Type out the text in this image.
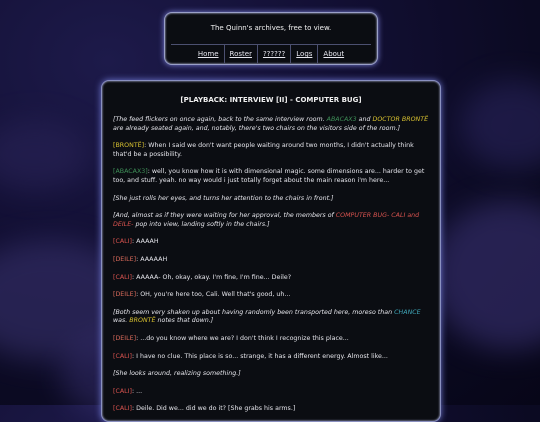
The Quinn's archives, free to view.
Home	Roster	??????	Logs	About
[PLAYBACK: INTERVIEW [II] - COMPUTER BUG]

[The feed flickers on once again, back to the same interview room. ABACAX3 and DOCTOR BRONTË are already seated again, and, notably, there's two chairs on the visitors side of the room.]

[BRONTË]: When I said we don't want people waiting around two months, I didn't actually think that'd be a possibility.

[ABACAX3]: well, you know how it is with dimensional magic. some dimensions are... harder to get too, and stuff. yeah. no way would i just totally forget about the main reason i'm here...

[She just rolls her eyes, and turns her attention to the chairs in front.]

[And, almost as if they were waiting for her approval, the members of COMPUTER BUG- CALI and DEILE- pop into view, landing softly in the chairs.]

[CALI]: AAAAH

[DEILE]: AAAAAH

[CALI]: AAAAA- Oh, okay, okay. I'm fine, I'm fine... Deile?

[DEILE]: OH, you're here too, Cali. Well that's good, uh...

[Both seem very shaken up about having randomly been transported here, moreso than CHANCE was. BRONTË notes that down.]

[DEILE]: ...do you know where we are? I don't think I recognize this place...

[CALI]: I have no clue. This place is so... strange, it has a different energy. Almost like...

[She looks around, realizing something.]

[CALI]: ...

[CALI]: Deile. Did we... did we do it? [She grabs his arms.]
